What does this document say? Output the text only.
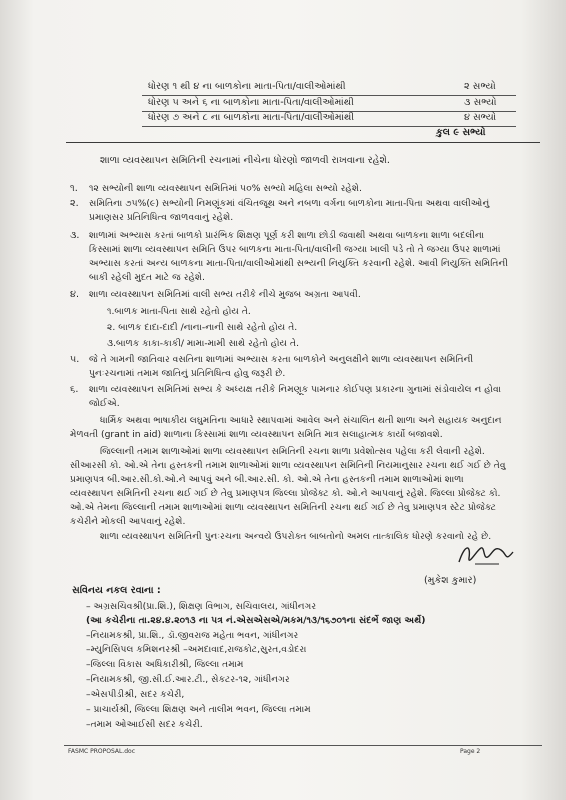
ધોરણ ૧ થી ૪ ના બાળકોના માતા-પિતા/વાલીઓમાંથી	૨ સભ્યો
ધોરણ ૫ અને ૬ ના બાળકોના માતા-પિતા/વાલીઓમાંથી	૩ સભ્યો
ધોરણ ૭ અને ૮ ના બાળકોના માતા-પિતા/વાલીઓમાંથી	૪ સભ્યો
કુલ ૯ સભ્યો
શાળા વ્યવસ્થાપન સમિતિની રચનામાં નીચેના ધોરણો જાળવી રાખવાના રહેશે.
૧. ૧૨ સભ્યોની શાળા વ્યવસ્થાપન સમિતિમાં ૫૦% સભ્યો મહિલા સભ્યો રહેશે.
૨. સમિતિના ૭૫%(૯) સભ્યોની નિમણૂંકમાં વંચિતજૂથ અને નબળા વર્ગના બાળકોના માતા-પિતા અથવા વાલીઓનું
પ્રમાણસર પ્રતિનિધિત્વ જાળવવાનું રહેશે.
૩. શાળામાં અભ્યાસ કરતાં બાળકો પ્રારંભિક શિક્ષણ પૂર્ણ કરી શાળા છોડી જવાથી અથવા બાળકના શાળા બદલીના
કિસ્સામાં શાળા વ્યવસ્થાપન સમિતિ ઉપર બાળકના માતા-પિતા/વાલીની જગ્યા ખાલી પડે તો તે જગ્યા ઉપર શાળામાં
અભ્યાસ કરતાં અન્ય બાળકના માતા-પિતા/વાલીઓમાંથી સભ્યની નિયુક્તિ કરવાની રહેશે. આવી નિયુક્તિ સમિતિની
બાકી રહેલી મુદત માટે જ રહેશે.
૪. શાળા વ્યવસ્થાપન સમિતિમાં વાલી સભ્ય તરીકે નીચે મુજબ અગ્રતા આપવી.
૧.બાળક માતા-પિતા સાથે રહેતો હોય તે.
૨. બાળક દાદા-દાદી /નાના-નાની સાથે રહેતો હોય તે.
૩.બાળક કાકા-કાકી/ મામા-મામી સાથે રહેતો હોય તે.
૫. જે તે ગામની જાતિવાર વસતિના શાળામાં અભ્યાસ કરતા બાળકોને અનુલક્ષીને શાળા વ્યવસ્થાપન સમિતિની
પુનઃરચનામાં તમામ જાતિનું પ્રતિનિધિત્વ હોવુ જરૂરી છે.
૬. શાળા વ્યવસ્થાપન સમિતિમાં સભ્ય કે અધ્યક્ષ તરીકે નિમણૂક પામનાર કોઈપણ પ્રકારના ગુનામાં સંડોવાયેલ ન હોવા
જોઈએ.
ધાર્મિક અથવા ભાષાકીય લઘુમતિના આધારે સ્થાપવામાં આવેલ અને સંચાલિત થતી શાળા અને સહાયક અનુદાન
મેળવતી (grant in aid) શાળાના કિસ્સામાં શાળા વ્યવસ્થાપન સમિતિ માત્ર સલાહાત્મક કાર્યો બજાવશે.
જિલ્લાની તમામ શાળાઓમાં શાળા વ્યવસ્થાપન સમિતિની રચના શાળા પ્રવેશોત્સવ પહેલા કરી લેવાની રહેશે.
સીઆરસી કો. ઓ.એ તેના હસ્તકની તમામ શાળાઓમાં શાળા વ્યવસ્થાપન સમિતિની નિયમાનુસાર રચના થઈ ગઈ છે તેવુ
પ્રમાણપત્ર બી.આર.સી.કો.ઓ.ને આપવું અને બી.આર.સી. કો. ઓ.એ તેના હસ્તકની તમામ શાળાઓમાં શાળા
વ્યવસ્થાપન સમિતિની રચના થઈ ગઈ છે તેવુ પ્રમાણપત્ર જિલ્લા પ્રોજેક્ટ કો. ઓ.ને આપવાનું રહેશે. જિલ્લા પ્રોજેક્ટ કો.
ઓ.એ તેમના જિલ્લાની તમામ શાળાઓમાં શાળા વ્યવસ્થાપન સમિતિની રચના થઈ ગઈ છે તેવુ પ્રમાણપત્ર સ્ટેટ પ્રોજેક્ટ
કચેરીને મોકલી આપવાનું રહેશે.
શાળા વ્યવસ્થાપન સમિતિની પુનઃરચના અન્વયે ઉપરોક્ત બાબતોનો અમલ તાત્કાલિક ધોરણે કરવાનો રહે છે.
(મુકેશ કુમાર)
સવિનય નકલ રવાના :
– અગ્રસચિવશ્રી(પ્રા.શિ.), શિક્ષણ વિભાગ, સચિવાલય, ગાંધીનગર
(આ કચેરીના તા.૨૪.૪.૨૦૧૩ ના પત્ર નં.એસએસએ/મકમ/૧૩/૧૬૭૦૧ના સંદર્ભે જાણ અર્થે)
–નિયામકશ્રી, પ્રા.શિ., ડૉ.જીવરાજ મહેતા ભવન, ગાંધીનગર
–મ્યુનિસિપલ કમિશનરશ્રી –અમદાવાદ,રાજકોટ,સુરત,વડોદરા
–જિલ્લા વિકાસ અધિકારીશ્રી, જિલ્લા તમામ
–નિયામકશ્રી, જી.સી.ઈ.આર.ટી., સેકટર-૧૨, ગાંધીનગર
–એસપીડીશ્રી, સદર કચેરી,
– પ્રાચાર્યશ્રી, જિલ્લા શિક્ષણ અને તાલીમ ભવન, જિલ્લા તમામ
–તમામ ઓઆઈસી સદર કચેરી.
FASMC PROPOSAL.doc	Page 2
